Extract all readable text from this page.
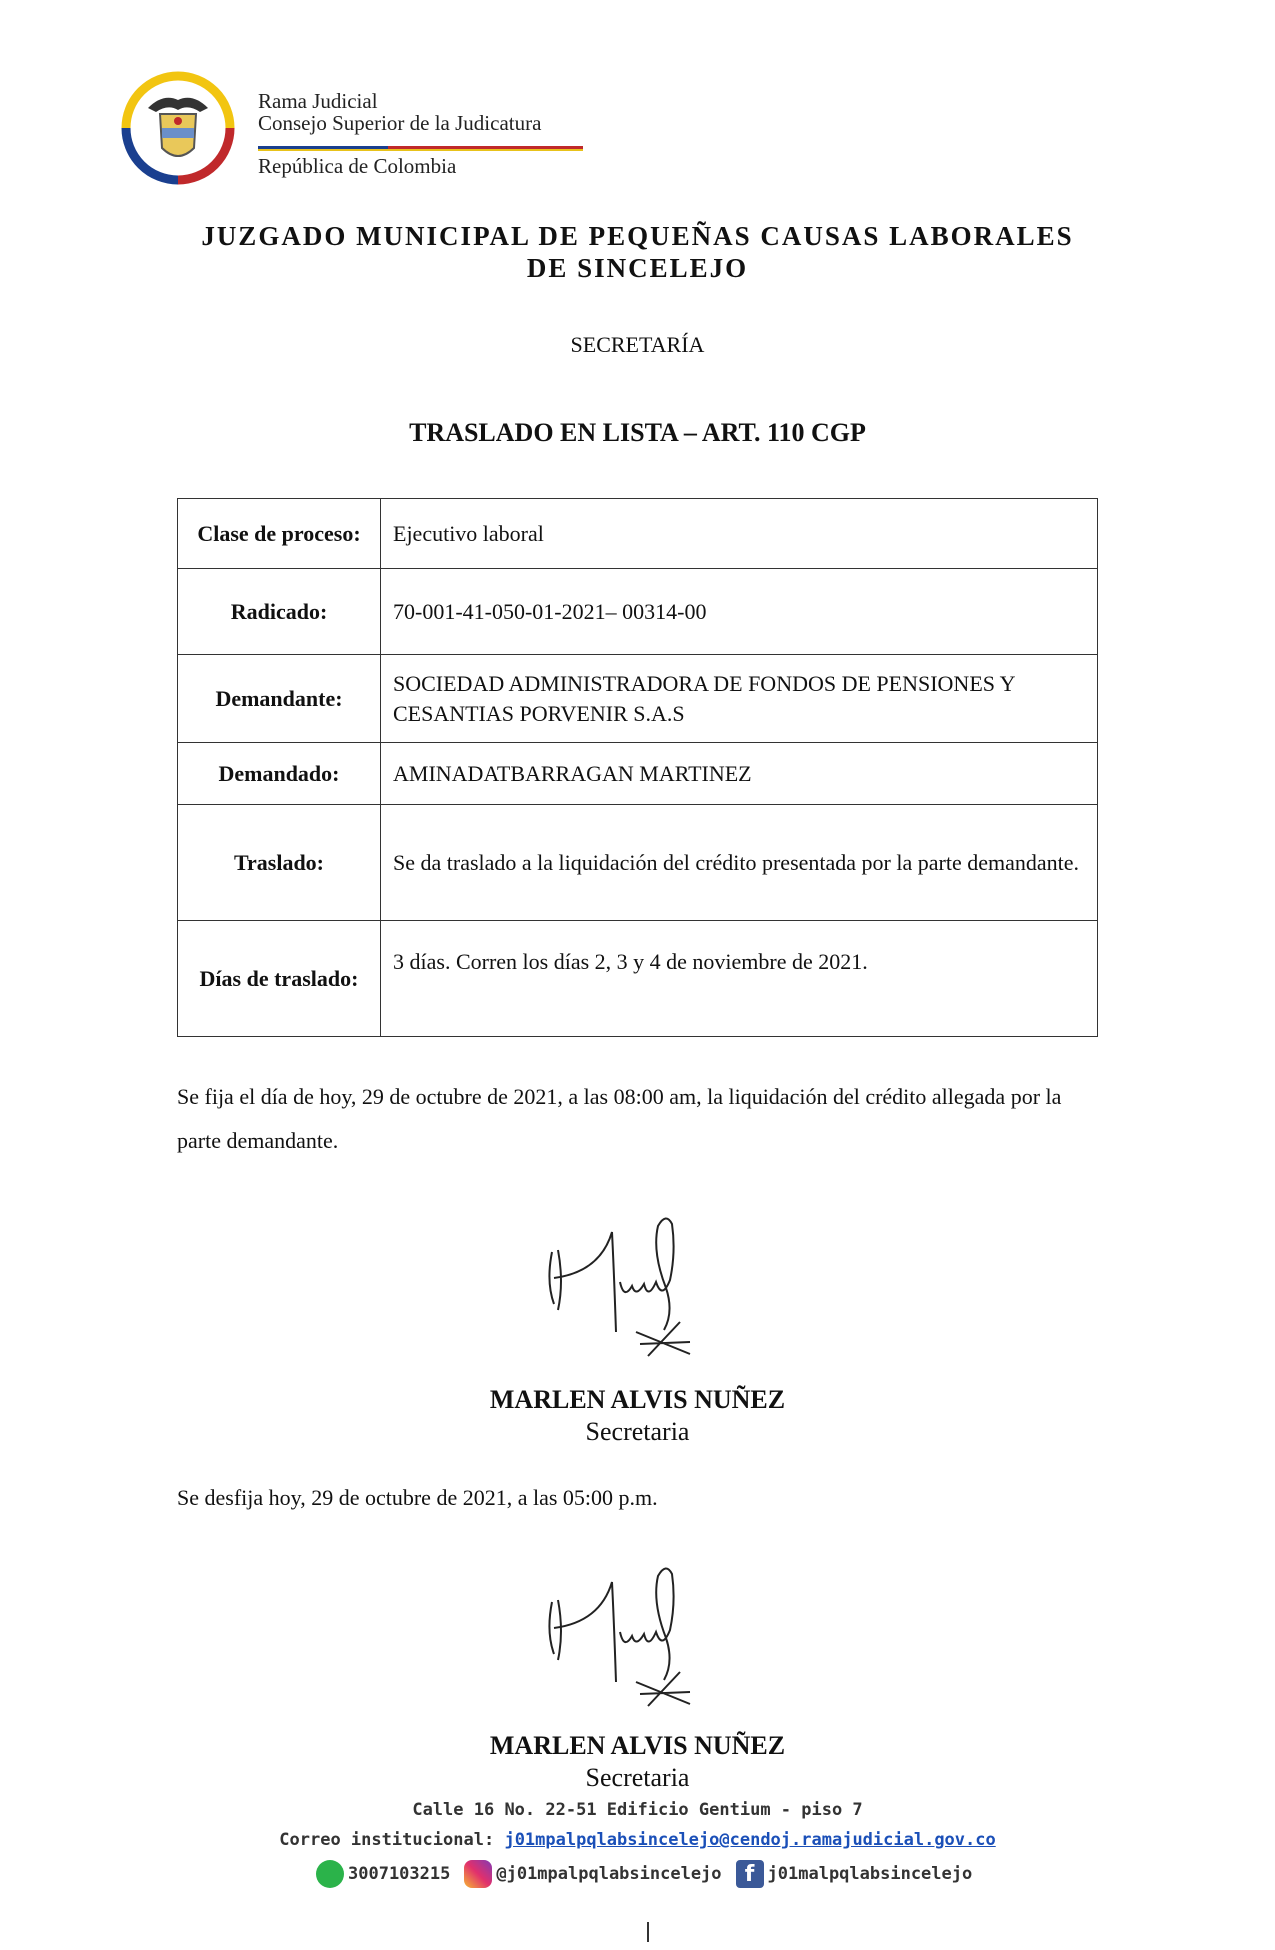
Rama Judicial
Consejo Superior de la Judicatura
República de Colombia
JUZGADO MUNICIPAL DE PEQUEÑAS CAUSAS LABORALES
DE SINCELEJO
SECRETARÍA
TRASLADO EN LISTA – ART. 110 CGP
Clase de proceso:	Ejecutivo laboral
Radicado:	70-001-41-050-01-2021– 00314-00
Demandante:	SOCIEDAD ADMINISTRADORA DE FONDOS DE PENSIONES Y CESANTIAS PORVENIR S.A.S
Demandado:	AMINADATBARRAGAN MARTINEZ
Traslado:	Se da traslado a la liquidación del crédito presentada por la parte demandante.
Días de traslado:	3 días. Corren los días 2, 3 y 4 de noviembre de 2021.
Se fija el día de hoy, 29 de octubre de 2021, a las 08:00 am, la liquidación del crédito allegada por la parte demandante.
MARLEN ALVIS NUÑEZ
Secretaria
Se desfija hoy, 29 de octubre de 2021, a las 05:00 p.m.
MARLEN ALVIS NUÑEZ
Secretaria
Calle 16 No. 22-51 Edificio Gentium - piso 7
Correo institucional: j01mpalpqlabsincelejo@cendoj.ramajudicial.gov.co
3007103215	@j01mpalpqlabsincelejo	f j01malpqlabsincelejo
